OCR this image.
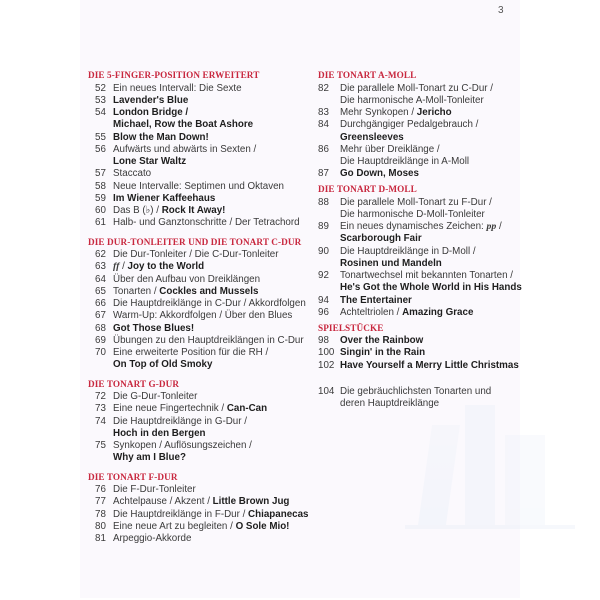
3
DIE 5-FINGER-POSITION ERWEITERT
52 Ein neues Intervall: Die Sexte
53 Lavender's Blue
54 London Bridge /
Michael, Row the Boat Ashore
55 Blow the Man Down!
56 Aufwärts und abwärts in Sexten /
Lone Star Waltz
57 Staccato
58 Neue Intervalle: Septimen und Oktaven
59 Im Wiener Kaffeehaus
60 Das B (♭) / Rock It Away!
61 Halb- und Ganztonschritte / Der Tetrachord
DIE DUR-TONLEITER UND DIE TONART C-DUR
62 Die Dur-Tonleiter / Die C-Dur-Tonleiter
63 ff / Joy to the World
64 Über den Aufbau von Dreiklängen
65 Tonarten / Cockles and Mussels
66 Die Hauptdreiklänge in C-Dur / Akkordfolgen
67 Warm-Up: Akkordfolgen / Über den Blues
68 Got Those Blues!
69 Übungen zu den Hauptdreiklängen in C-Dur
70 Eine erweiterte Position für die RH /
On Top of Old Smoky
DIE TONART G-DUR
72 Die G-Dur-Tonleiter
73 Eine neue Fingertechnik / Can-Can
74 Die Hauptdreiklänge in G-Dur /
Hoch in den Bergen
75 Synkopen / Auflösungszeichen /
Why am I Blue?
DIE TONART F-DUR
76 Die F-Dur-Tonleiter
77 Achtelpause / Akzent / Little Brown Jug
78 Die Hauptdreiklänge in F-Dur / Chiapanecas
80 Eine neue Art zu begleiten / O Sole Mio!
81 Arpeggio-Akkorde
DIE TONART A-MOLL
82 Die parallele Moll-Tonart zu C-Dur /
Die harmonische A-Moll-Tonleiter
83 Mehr Synkopen / Jericho
84 Durchgängiger Pedalgebrauch /
Greensleeves
86 Mehr über Dreiklänge /
Die Hauptdreiklänge in A-Moll
87 Go Down, Moses
DIE TONART D-MOLL
88 Die parallele Moll-Tonart zu F-Dur /
Die harmonische D-Moll-Tonleiter
89 Ein neues dynamisches Zeichen: pp /
Scarborough Fair
90 Die Hauptdreiklänge in D-Moll /
Rosinen und Mandeln
92 Tonartwechsel mit bekannten Tonarten /
He's Got the Whole World in His Hands
94 The Entertainer
96 Achteltriolen / Amazing Grace
SPIELSTÜCKE
98 Over the Rainbow
100 Singin' in the Rain
102 Have Yourself a Merry Little Christmas
104 Die gebräuchlichsten Tonarten und
deren Hauptdreiklänge
